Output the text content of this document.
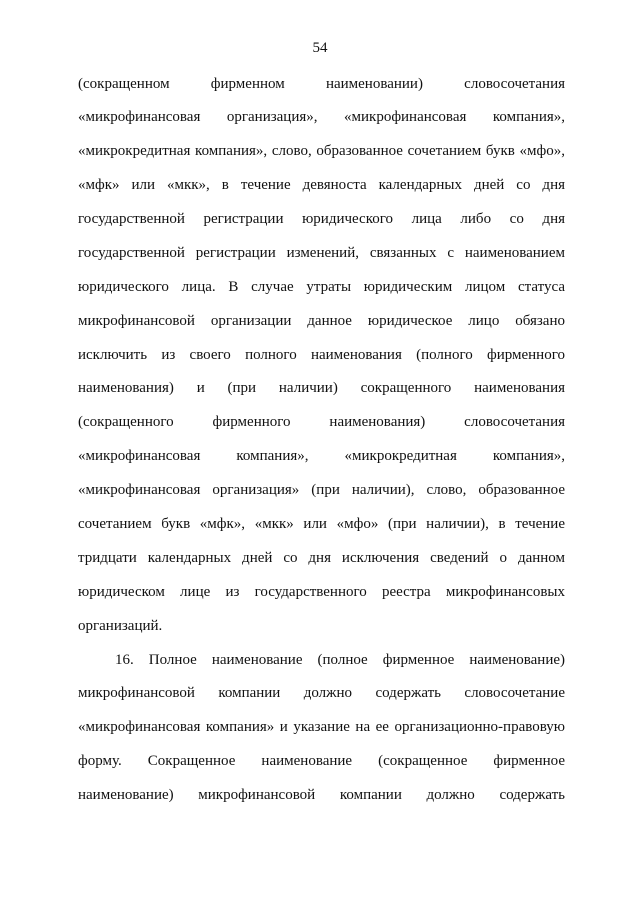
54
(сокращенном фирменном наименовании) словосочетания
«микрофинансовая организация», «микрофинансовая компания»,
«микрокредитная компания», слово, образованное сочетанием букв «мфо»,
«мфк» или «мкк», в течение девяноста календарных дней со дня
государственной регистрации юридического лица либо со дня
государственной регистрации изменений, связанных с наименованием
юридического лица. В случае утраты юридическим лицом статуса
микрофинансовой организации данное юридическое лицо обязано
исключить из своего полного наименования (полного фирменного
наименования) и (при наличии) сокращенного наименования
(сокращенного фирменного наименования) словосочетания
«микрофинансовая компания», «микрокредитная компания»,
«микрофинансовая организация» (при наличии), слово, образованное
сочетанием букв «мфк», «мкк» или «мфо» (при наличии), в течение
тридцати календарных дней со дня исключения сведений о данном
юридическом лице из государственного реестра микрофинансовых
организаций.
16. Полное наименование (полное фирменное наименование)
микрофинансовой компании должно содержать словосочетание
«микрофинансовая компания» и указание на ее организационно-правовую
форму. Сокращенное наименование (сокращенное фирменное
наименование) микрофинансовой компании должно содержать
